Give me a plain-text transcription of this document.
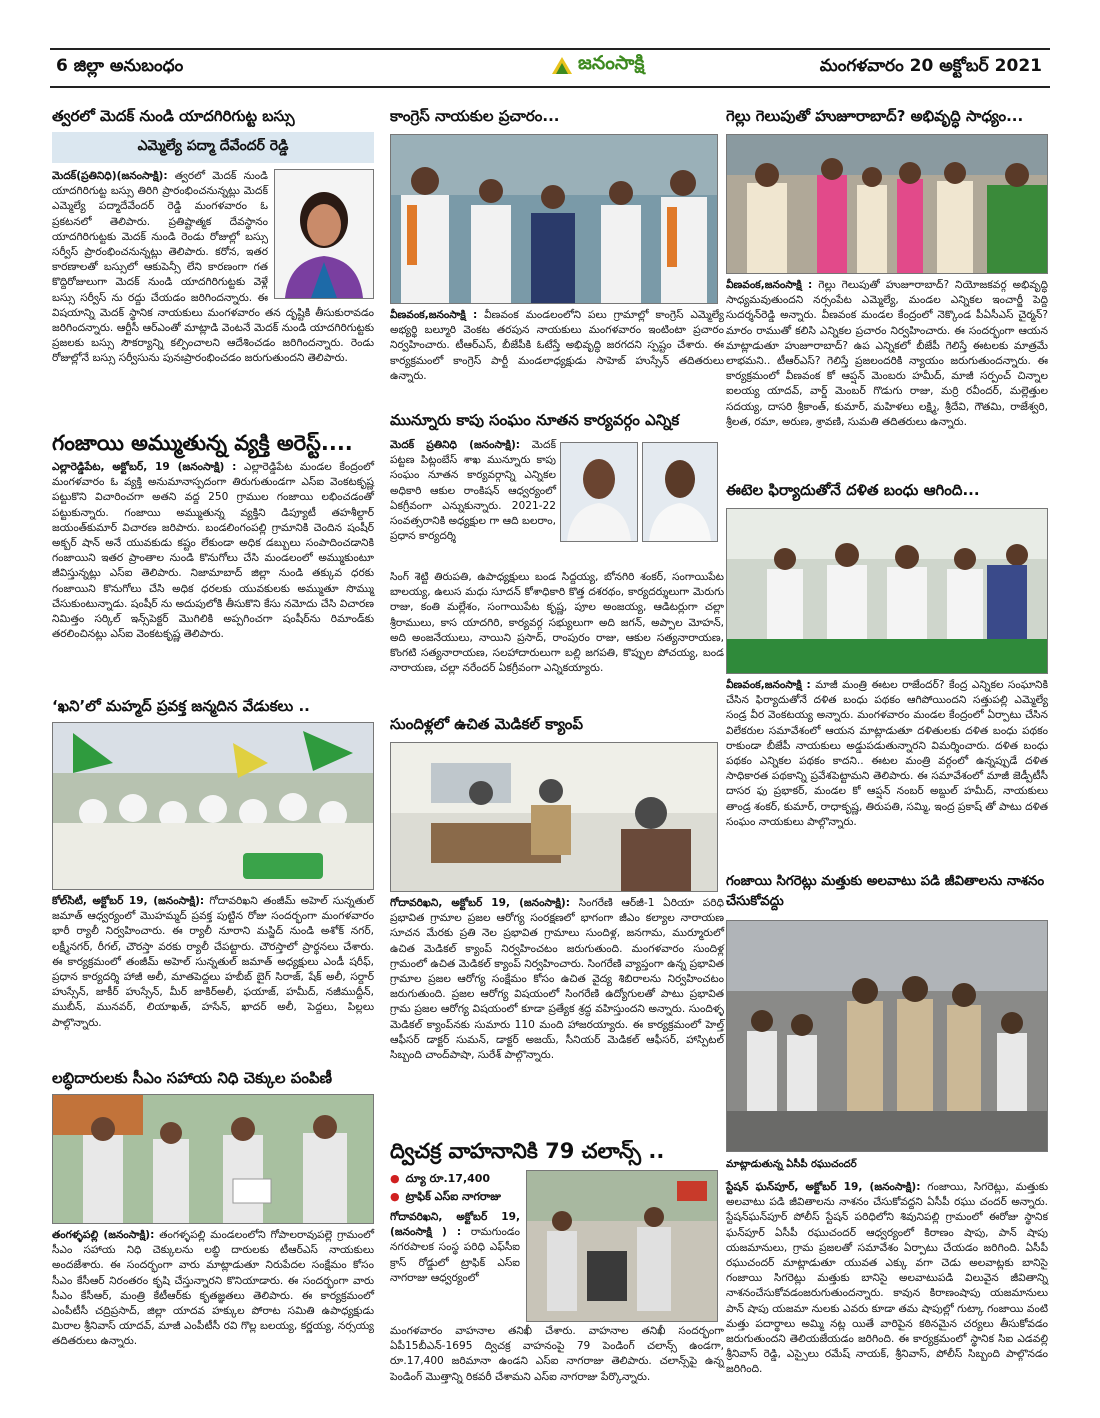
6 జిల్లా అనుబంధం	జనంసాక్షి	మంగళవారం 20 అక్టోబర్ 2021

త్వరలో మెదక్ నుండి యాదగిరిగుట్ట బస్సు

ఎమ్మెల్యే పద్మా దేవేందర్ రెడ్డి

మెదక్(ప్రతినిధి)(జనంసాక్షి): త్వరలో మెదక్ నుండి యాదగిరిగుట్ట బస్సు తిరిగి ప్రారంభించనున్నట్లు మెదక్ ఎమ్మెల్యే పద్మాదేవేందర్ రెడ్డి మంగళవారం ఓ ప్రకటనలో తెలిపారు. ప్రతిష్టాత్మక దేవస్థానం యాదగిరిగుట్టకు మెదక్ నుండి రెండు రోజుల్లో బస్సు సర్వీస్ ప్రారంభించనున్నట్లు తెలిపారు. కరోన, ఇతర కారణాలతో బస్సులో ఆకుపెన్సీ లేని కారణంగా గత కొద్దిరోజులుగా మెదక్ నుండి యాదగిరిగుట్టకు వెళ్లే బస్సు సర్వీస్ ను రద్దు చేయడం జరిగిందన్నారు. ఈ విషయాన్ని మెదక్ స్థానిక నాయకులు మంగళవారం తన దృష్టికి తీసుకురావడం జరిగిందన్నారు. ఆర్టీసీ ఆర్‌ఎంతో మాట్లాడి వెంటనే మెదక్ నుండి యాదగిరిగుట్టకు ప్రజలకు బస్సు సౌకర్యాన్ని కల్పించాలని ఆదేశించడం జరిగిందన్నారు. రెండు రోజుల్లోనే బస్సు సర్వీసును పునఃప్రారంభించడం జరుగుతుందని తెలిపారు.

గంజాయి అమ్ముతున్న వ్యక్తి అరెస్ట్....

ఎల్లారెడ్డిపేట, అక్టోబర్, 19 (జనంసాక్షి) : ఎల్లారెడ్డిపేట మండల కేంద్రంలో మంగళవారం ఓ వ్యక్తి అనుమానాస్పదంగా తిరుగుతుండగా ఎస్ఐ వెంకటకృష్ణ పట్టుకొని విచారించగా అతని వద్ద 250 గ్రాముల గంజాయి లభించడంతో పట్టుకున్నారు. గంజాయి అమ్ముతున్న వ్యక్తిని డిప్యూటీ తహశీల్దార్ జయంత్‌కుమార్ విచారణ జరిపారు. బండలింగంపల్లి గ్రామానికి చెందిన షంషీర్ అక్బర్ షాన్ అనే యువకుడు కష్టం లేకుండా అధిక డబ్బులు సంపాదించడానికి గంజాయిని ఇతర ప్రాంతాల నుండి కొనుగోలు చేసి మండలంలో అమ్ముకుంటూ జీవిస్తున్నట్లు ఎస్ఐ తెలిపారు. నిజామాబాద్ జిల్లా నుండి తక్కువ ధరకు గంజాయిని కొనుగోలు చేసి అధిక ధరలకు యువకులకు అమ్ముతూ సొమ్ము చేసుకుంటున్నాడు. షంషీర్ ను అదుపులోకి తీసుకొని కేసు నమోదు చేసి విచారణ నిమిత్తం సర్కిల్ ఇన్స్‌పెక్టర్ మొగిలికి అప్పగించగా షంషీర్‌ను రిమాండ్‌కు తరలించినట్లు ఎస్ఐ వెంకటకృష్ణ తెలిపారు.

‘ఖని’లో మహ్మద్ ప్రవక్త జన్మదిన వేడుకలు ..

కోల్‌సిటీ, అక్టోబర్ 19, (జనంసాక్షి): గోదావరిఖని తంజీమ్ అహెల్ సున్నతుల్ జమాత్ ఆధ్వర్యంలో మొహమ్మద్ ప్రవక్త పుట్టిన రోజు సందర్భంగా మంగళవారం భారీ ర్యాలీ నిర్వహించారు. ఈ ర్యాలీ నూరాని మస్జిద్ నుండి అశోక్ నగర్, లక్ష్మీనగర్, రీగల్, చౌరస్తా వరకు ర్యాలీ చేపట్టారు. చౌరస్తాలో ప్రార్థనలు చేశారు. ఈ కార్యక్రమంలో తంజీమ్ అహెల్ సున్నతుల్ జమాత్ అధ్యక్షులు ఎండీ షరీఫ్, ప్రధాన కార్యదర్శి హాజీ అలీ, మాతపెద్దలు హబీబ్ బైగ్ సిరాజ్, షేక్ అలీ, సర్దార్ హుస్సేన్, జాకీర్ హుస్సేన్, మీర్ జాకిర్‌అలీ, ఫయాజ్, హమీద్, నజీముద్దీన్, ముబీన్, మునవర్, లియాఖత్, హసేన్, ఖాదర్ అలీ, పెద్దలు, పిల్లలు పాల్గొన్నారు.

లబ్ధిదారులకు సీఎం సహాయ నిధి చెక్కుల పంపిణీ

తంగళ్ళపల్లి (జనంసాక్షి): తంగళ్ళపల్లి మండలంలోని గోపాలరావుపల్లె గ్రామంలో సీఎం సహాయ నిధి చెక్కులను లబ్ధి దారులకు టీఆర్ఎస్ నాయకులు అందజేశారు. ఈ సందర్భంగా వారు మాట్లాడుతూ నిరుపేదల సంక్షేమం కోసం సీఎం కేసీఆర్ నిరంతరం కృషి చేస్తున్నారని కొనియాడారు. ఈ సందర్భంగా వారు సీఎం కేసీఆర్, మంత్రి కేటీఆర్‌కు కృతజ్ఞతలు తెలిపారు. ఈ కార్యక్రమంలో ఎంపీటీసీ చద్రిప్రసాద్, జిల్లా యాదవ హక్కుల పోరాట సమితి ఉపాధ్యక్షుడు మిరాల శ్రీనివాస్ యాదవ్, మాజీ ఎంపీటీసీ రవి గొల్ల బలయ్య, కర్ణయ్య, నర్సయ్య తదితరులు ఉన్నారు.

కాంగ్రెస్ నాయకుల ప్రచారం...

వీణవంక,జనంసాక్షి : వీణవంక మండలంలోని పలు గ్రామాల్లో కాంగ్రెస్ ఎమ్మెల్యే అభ్యర్థి బల్మూరి వెంకట తరపున నాయకులు మంగళవారం ఇంటింటా ప్రచారం నిర్వహించారు. టీఆర్ఎస్, బీజేపీకి ఓటేస్తే అభివృద్ధి జరగదని స్పష్టం చేశారు. ఈ కార్యక్రమంలో కాంగ్రెస్ పార్టీ మండలాధ్యక్షుడు సాహెబ్ హుస్సేన్ తదితరులు ఉన్నారు.

మున్నూరు కాపు సంఘం నూతన కార్యవర్గం ఎన్నిక

మెదక్ ప్రతినిధి (జనంసాక్షి): మెదక్ పట్టణ పిట్లంబేస్ శాఖ మున్నూరు కాపు సంఘం నూతన కార్యవర్గాన్ని ఎన్నికల అధికారి ఆకుల రాంకిషన్ ఆధ్వర్యంలో ఏకగ్రీవంగా ఎన్నుకున్నారు. 2021-22 సంవత్సరానికి అధ్యక్షుల గా ఆది బలరాం, ప్రధాన కార్యదర్శి

సింగ్ శెట్టి తిరుపతి, ఉపాధ్యక్షులు బండ సిద్దయ్య, బోనగిరి శంకర్, సంగాయిపేట బాలయ్య, ఉలుస మధు సూదన్ కోశాధికారి కొత్త దశరథం, కార్యదర్శులుగా మెరుగు రాజు, కంతి మల్లేశం, సంగాయిపేట కృష్ణ, పూల అంజయ్య, ఆడిటర్లుగా చల్లా శ్రీరాములు, కాస యాదగిరి, కార్యవర్గ సభ్యులుగా అది జగన్, అప్పాల మోహన్, అది అంజనేయులు, నాయిని ప్రసాద్, రాంపురం రాజు, ఆకుల సత్యనారాయణ, కొంగటి సత్యనారాయణ, సలహాదారులుగా బల్లి జగపతి, కొప్పుల పోచయ్య, బండ నారాయణ, చల్లా నరేందర్ ఏకగ్రీవంగా ఎన్నికయ్యారు.

సుందిళ్లలో ఉచిత మెడికల్ క్యాంప్

గోదావరిఖని, అక్టోబర్ 19, (జనంసాక్షి): సింగరేణి ఆర్‌జీ-1 ఏరియా పరిధి ప్రభావిత గ్రామాల ప్రజల ఆరోగ్య సంరక్షణలో భాగంగా జీఎం కల్యాల నారాయణ సూచన మేరకు ప్రతి నెల ప్రభావిత గ్రామాలు సుందిళ్ల, జనగామ, ముర్మూరులో ఉచిత మెడికల్ క్యాంప్ నిర్వహించటం జరుగుతుంది. మంగళవారం సుందిళ్ల గ్రామంలో ఉచిత మెడికల్ క్యాంప్ నిర్వహించారు. సింగరేణి వ్యాప్తంగా ఉన్న ప్రభావిత గ్రామాల ప్రజల ఆరోగ్య సంక్షేమం కోసం ఉచిత వైద్య శిబిరాలను నిర్వహించటం జరుగుతుంది. ప్రజల ఆరోగ్య విషయంలో సింగరేణి ఉద్యోగులతో పాటు ప్రభావిత గ్రామ ప్రజల ఆరోగ్య విషయంలో కూడా ప్రత్యేక శ్రద్ధ వహిస్తుందని అన్నారు. సుందిళ్ళ మెడికల్ క్యాంప్‌నకు సుమారు 110 మంది హాజరయ్యారు. ఈ కార్యక్రమంలో హెల్త్ ఆఫీసర్ డాక్టర్ సుమన్, డాక్టర్ అజయ్, సీనియర్ మెడికల్ ఆఫీసర్, హాస్పిటల్ సిబ్బంది చాంద్‌పాషా, సురేశ్ పాల్గొన్నారు.

ద్విచక్ర వాహనానికి 79 చలాన్స్ ..

● ద్యూ రూ.17,400
● ట్రాఫిక్ ఎస్ఐ నాగరాజు

గోదావరిఖని, అక్టోబర్ 19, (జనంసాక్షి ) : రామగుండం నగరపాలక సంస్థ పరిధి ఎఫ్‌సీఐ క్రాస్ రోడ్డులో ట్రాఫిక్ ఎస్ఐ నాగరాజు ఆధ్వర్యంలో

మంగళవారం వాహనాల తనిఖీ చేశారు. వాహనాల తనిఖీ సందర్భంగా ఏపీ15బీఎన్-1695 ద్విచక్ర వాహనంపై 79 పెండింగ్ చలాన్స్ ఉండగా, రూ.17,400 జరిమానా ఉండని ఎస్ఐ నాగరాజు తెలిపారు. చలాన్స్‌పై ఉన్న పెండింగ్ మొత్తాన్ని రికవరీ చేశామని ఎస్ఐ నాగరాజు పేర్కొన్నారు.

గెల్లు గెలుపుతో హుజూరాబాద్? అభివృద్ధి సాధ్యం...

వీణవంక,జనంసాక్షి : గెల్లు గెలుపుతో హుజూరాబాద్? నియోజకవర్గ అభివృద్ధి సాధ్యమవుతుందని నర్సంపేట ఎమ్మెల్యే, మండల ఎన్నికల ఇంచార్జీ పెద్ది సుదర్శన్‌రెడ్డి అన్నారు. వీణవంక మండల కేంద్రంలో నెక్కొండ పీఏసీఎస్ చైర్మన్? మారం రాముతో కలిసి ఎన్నికల ప్రచారం నిర్వహించారు. ఈ సందర్భంగా ఆయన మాట్లాడుతూ హుజూరాబాద్? ఉప ఎన్నికలో బీజేపీ గెలిస్తే ఈటలకు మాత్రమే లాభమని.. టీఆర్ఎస్? గెలిస్తే ప్రజలందరికి న్యాయం జరుగుతుందన్నారు. ఈ కార్యక్రమంలో వీణవంక కో ఆప్షన్ మెంబరు హమీద్, మాజీ సర్పంచ్ చిన్నాల ఐలయ్య యాదవ్, వార్డ్ మెంబర్ గొడుగు రాజు, మర్రి రవీందర్, మల్లెత్తుల సదయ్య, దాసరి శ్రీకాంత్, కుమార్, మహిళలు లక్ష్మి, శ్రీదేవి, గౌతమి, రాజేశ్వరి, శ్రీలత, రమా, అరుణ, శ్రావణి, సుమతి తదితరులు ఉన్నారు.

ఈటెల ఫిర్యాదుతోనే దళిత బంధు ఆగింది...

వీణవంక,జనంసాక్షి : మాజీ మంత్రి ఈటల రాజేందర్? కేంద్ర ఎన్నికల సంఘానికి చేసిన ఫిర్యాదుతోనే దళిత బంధు పథకం ఆగిపోయిందని సత్తుపల్లి ఎమ్మెల్యే సండ్ర వీర వెంకటయ్య అన్నారు. మంగళవారం మండల కేంద్రంలో ఏర్పాటు చేసిన విలేకరుల సమావేశంలో ఆయన మాట్లాడుతూ దళితులకు దళిత బంధు పథకం రాకుండా బీజేపీ నాయకులు అడ్డుపడుతున్నారని విమర్శించారు. దళిత బంధు పథకం ఎన్నికల పథకం కాదని.. ఈటల మంత్రి వర్గంలో ఉన్నప్పుడే దళిత సాధికారత పథకాన్ని ప్రవేశపెట్టామని తెలిపారు. ఈ సమావేశంలో మాజీ జెడ్పీటీసీ దాసర ఫు ప్రభాకర్, మండల కో ఆప్షన్ నంబర్ అబ్దుల్ హమీద్, నాయకులు తాండ్ర శంకర్, కుమార్, రాధాకృష్ణ, తిరుపతి, సమ్మి, ఇంద్ర ప్రకాష్ తో పాటు దళిత సంఘం నాయకులు పాల్గొన్నారు.

గంజాయి సిగరెట్లు మత్తుకు అలవాటు పడి జీవితాలను నాశనం చేసుకోవద్దు

మాట్లాడుతున్న ఏసీపీ రఘుచందర్

స్టేషన్ ఘన్‌పూర్, అక్టోబర్ 19, (జనంసాక్షి): గంజాయి, సిగరెట్లు, మత్తుకు అలవాటు పడి జీవితాలను నాశనం చేసుకోవద్దని ఏసీపీ రఘు చందర్ అన్నారు. స్టేషన్‌ఘన్‌పూర్ పోలీస్ స్టేషన్ పరిధిలోని శివునిపల్లి గ్రామంలో ఈరోజు స్థానిక ఘన్‌పూర్ ఏసీపీ రఘుచందర్ ఆధ్వర్యంలో కిరాణం షాపు, పాన్ షాపు యజమానులు, గ్రామ ప్రజలతో సమావేశం ఏర్పాటు చేయడం జరిగింది. ఏసీపీ రఘుచందర్ మాట్లాడుతూ యువత ఎక్కు వగా చెడు అలవాట్లకు బానిసై గంజాయి సిగరెట్లు మత్తుకు బానిసై అలవాటుపడి విలువైన జీవితాన్ని నాశనంచేసుకోవడంజరుగుతుందన్నారు. కావున కిరాణంషాపు యజమానులు పాన్ షాపు యజమా నులకు ఎవరు కూడా తమ షాపుల్లో గుట్కా గంజాయి వంటి మత్తు పదార్థాలు అమ్మి నట్ల యితే వారిపైన కఠినమైన చర్యలు తీసుకోవడం జరుగుతుందని తెలియజేయడం జరిగింది. ఈ కార్యక్రమంలో స్థానిక సిఐ ఎడవల్లి శ్రీనివాస్ రెడ్డి, ఎస్సైలు రమేష్ నాయక్, శ్రీనివాస్, పోలీస్ సిబ్బంది పాల్గొనడం జరిగింది.
